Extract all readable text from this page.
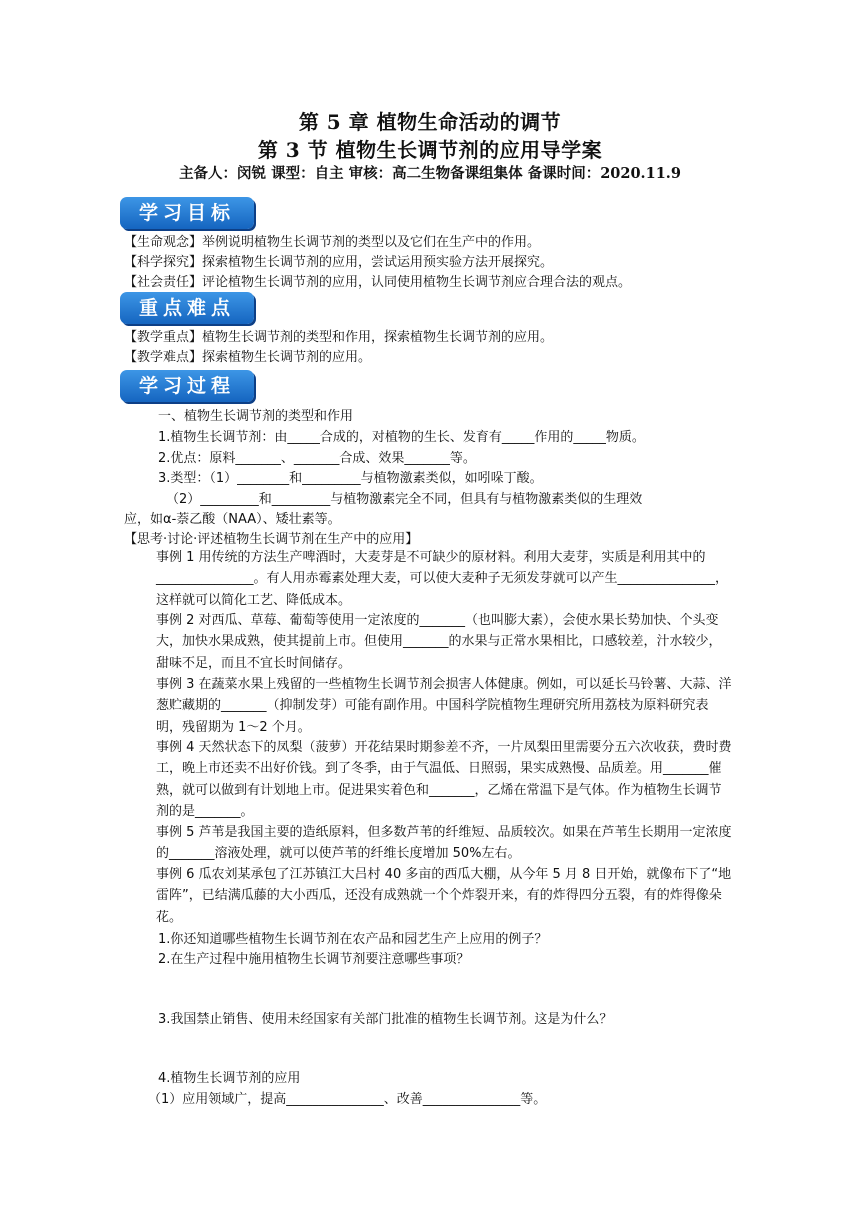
第 5 章 植物生命活动的调节
第 3 节 植物生长调节剂的应用导学案
主备人：闵锐 课型：自主 审核：高二生物备课组集体 备课时间：2020.11.9
学习目标
【生命观念】举例说明植物生长调节剂的类型以及它们在生产中的作用。
【科学探究】探索植物生长调节剂的应用，尝试运用预实验方法开展探究。
【社会责任】评论植物生长调节剂的应用，认同使用植物生长调节剂应合理合法的观点。
重点难点
【教学重点】植物生长调节剂的类型和作用，探索植物生长调节剂的应用。
【教学难点】探索植物生长调节剂的应用。
学习过程
一、植物生长调节剂的类型和作用
1.植物生长调节剂：由_____合成的，对植物的生长、发育有_____作用的_____物质。
2.优点：原料_______、_______合成、效果_______等。
3.类型：（1）________和_________与植物激素类似，如吲哚丁酸。
（2）_________和_________与植物激素完全不同，但具有与植物激素类似的生理效
应，如α-萘乙酸（NAA）、矮壮素等。
【思考·讨论·评述植物生长调节剂在生产中的应用】
事例 1 用传统的方法生产啤酒时，大麦芽是不可缺少的原材料。利用大麦芽，实质是利用其中的_______________。有人用赤霉素处理大麦，可以使大麦种子无须发芽就可以产生_______________，这样就可以简化工艺、降低成本。
事例 2 对西瓜、草莓、葡萄等使用一定浓度的_______（也叫膨大素），会使水果长势加快、个头变大，加快水果成熟，使其提前上市。但使用_______的水果与正常水果相比，口感较差，汁水较少，甜味不足，而且不宜长时间储存。
事例 3 在蔬菜水果上残留的一些植物生长调节剂会损害人体健康。例如，可以延长马铃薯、大蒜、洋葱贮藏期的_______（抑制发芽）可能有副作用。中国科学院植物生理研究所用荔枝为原料研究表明，残留期为 1～2 个月。
事例 4 天然状态下的凤梨（菠萝）开花结果时期参差不齐，一片凤梨田里需要分五六次收获，费时费工，晚上市还卖不出好价钱。到了冬季，由于气温低、日照弱，果实成熟慢、品质差。用_______催熟，就可以做到有计划地上市。促进果实着色和_______，乙烯在常温下是气体。作为植物生长调节剂的是_______。
事例 5 芦苇是我国主要的造纸原料，但多数芦苇的纤维短、品质较次。如果在芦苇生长期用一定浓度的_______溶液处理，就可以使芦苇的纤维长度增加 50%左右。
事例 6 瓜农刘某承包了江苏镇江大吕村 40 多亩的西瓜大棚，从今年 5 月 8 日开始，就像布下了“地雷阵”，已结满瓜藤的大小西瓜，还没有成熟就一个个炸裂开来，有的炸得四分五裂，有的炸得像朵花。
1.你还知道哪些植物生长调节剂在农产品和园艺生产上应用的例子？
2.在生产过程中施用植物生长调节剂要注意哪些事项？
3.我国禁止销售、使用未经国家有关部门批准的植物生长调节剂。这是为什么？
4.植物生长调节剂的应用
（1）应用领域广，提高_______________、改善_______________等。
